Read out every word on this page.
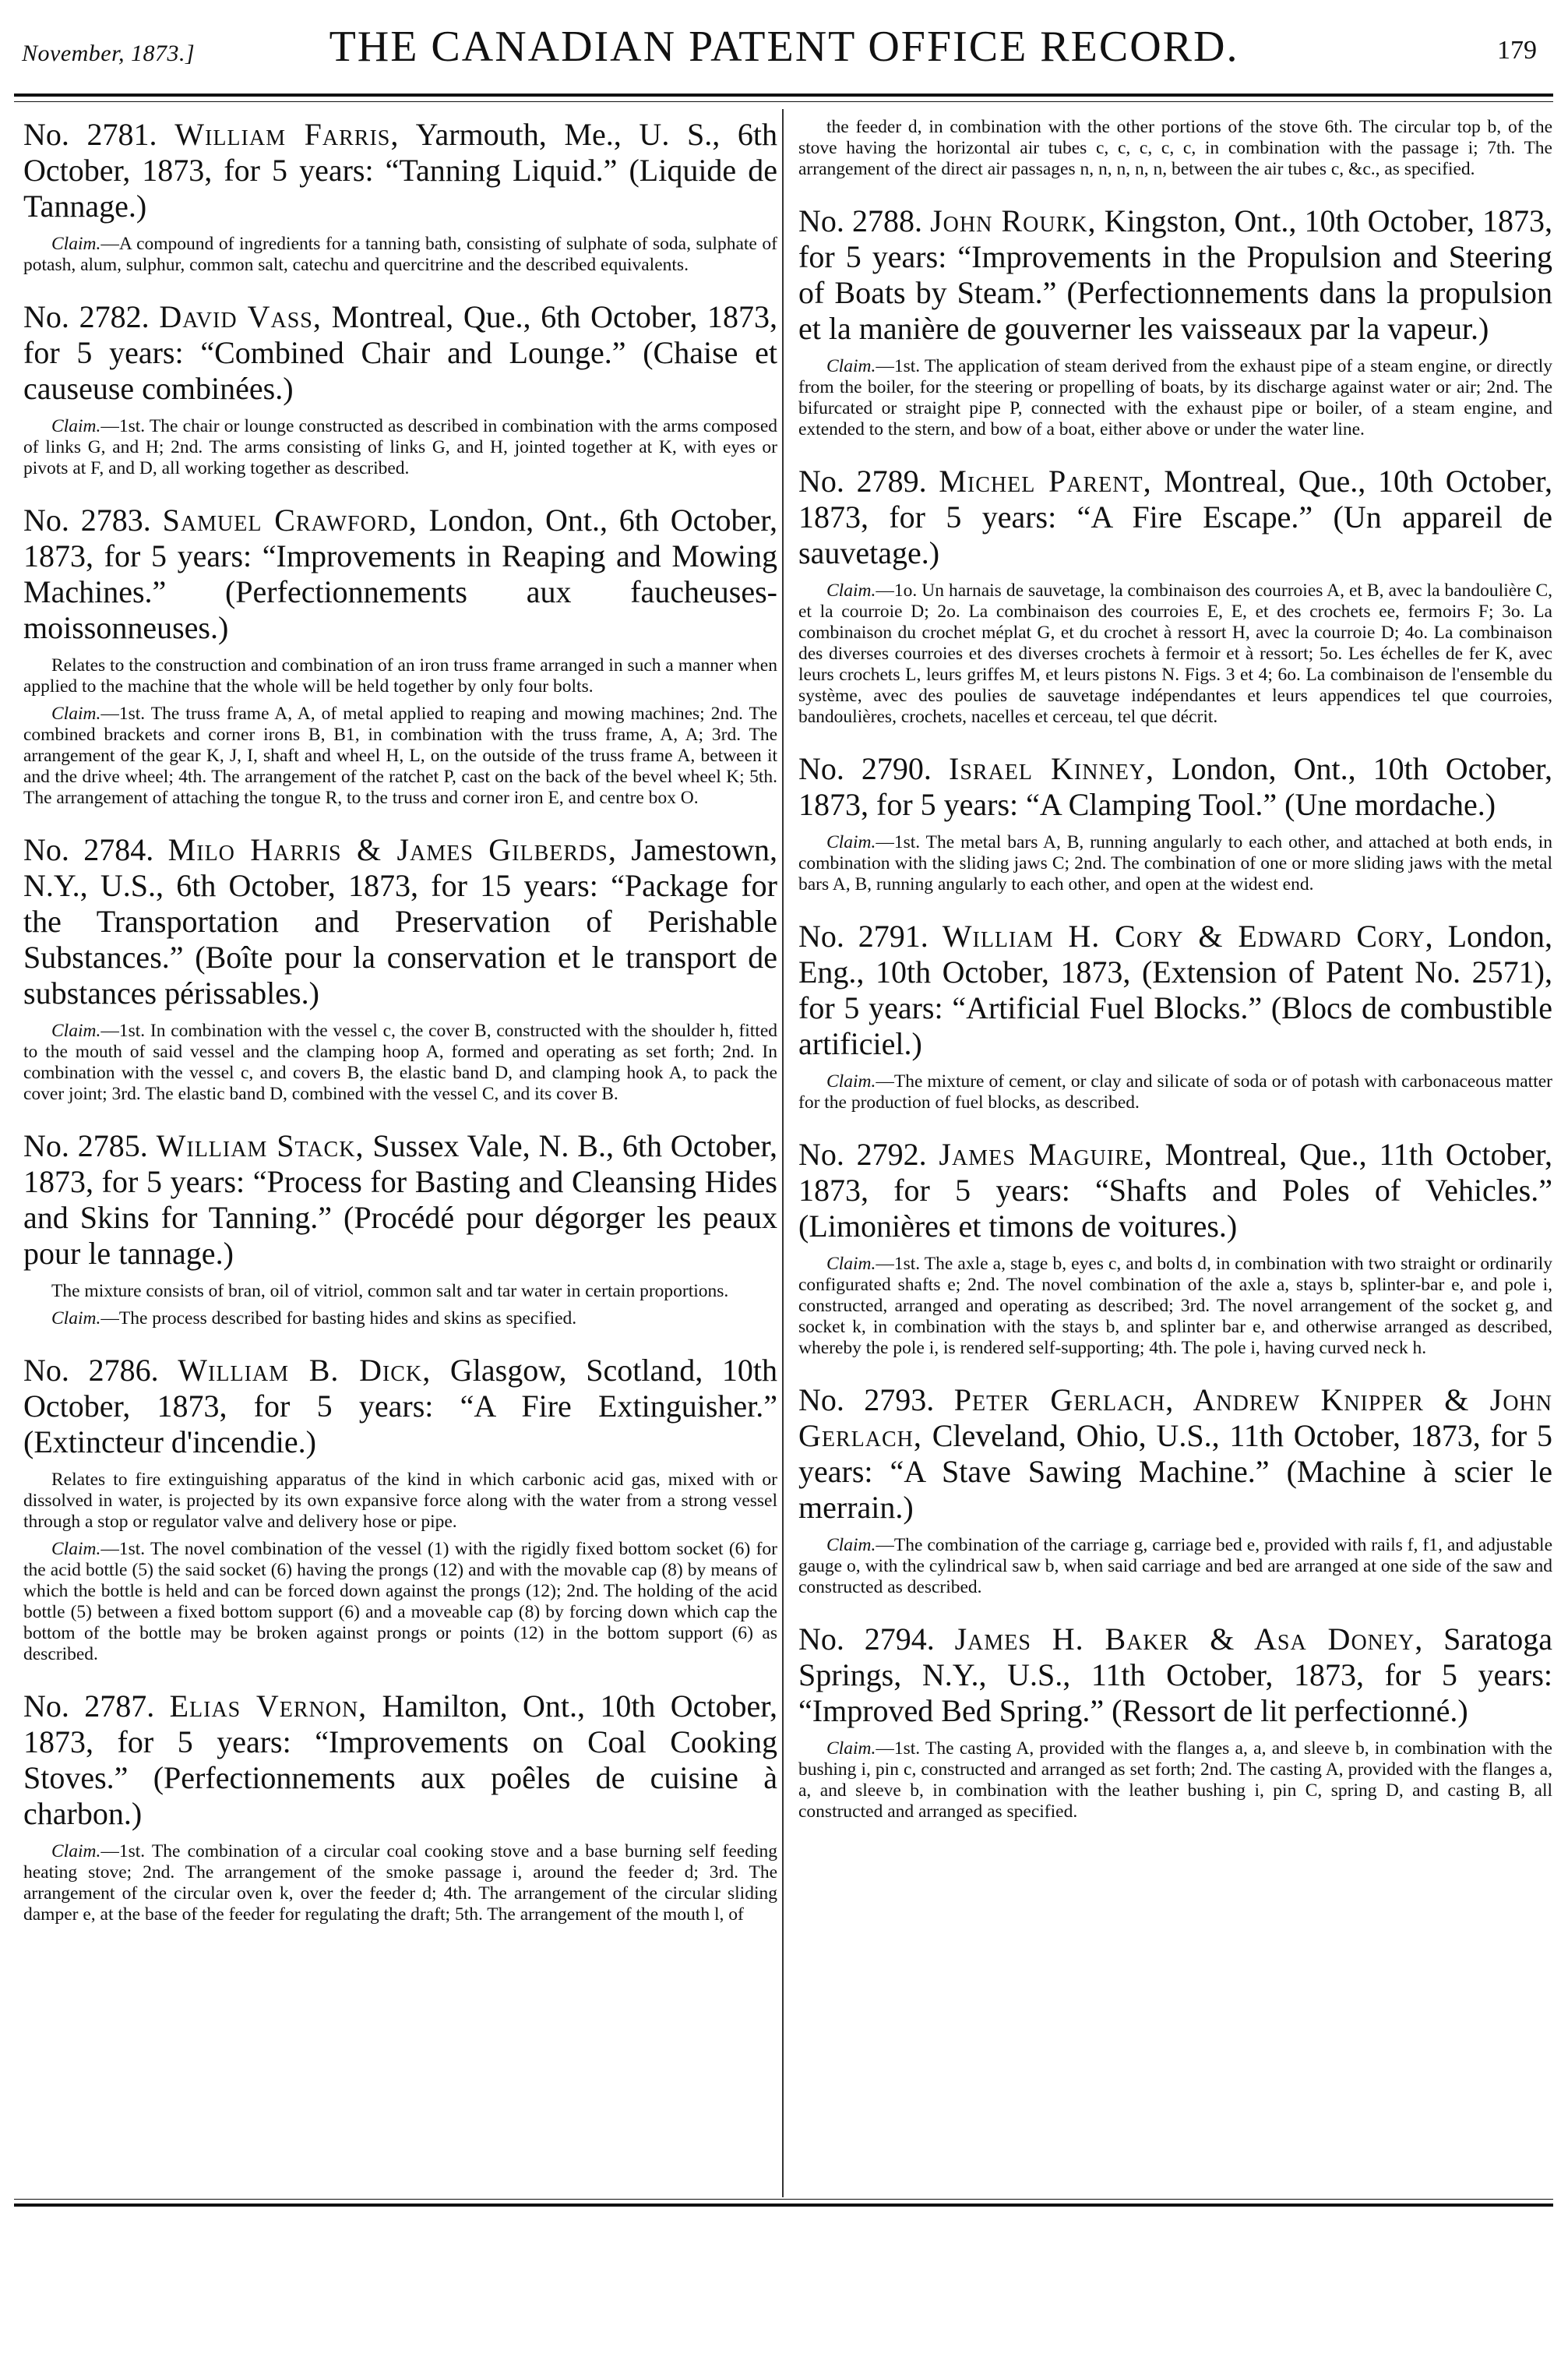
November, 1873.]	THE CANADIAN PATENT OFFICE RECORD.	179

No. 2781. William Farris, Yarmouth, Me., U. S., 6th October, 1873, for 5 years: “Tanning Liquid.” (Liquide de Tannage.)

Claim.—A compound of ingredients for a tanning bath, consisting of sulphate of soda, sulphate of potash, alum, sulphur, common salt, catechu and quercitrine and the described equivalents.

No. 2782. David Vass, Montreal, Que., 6th October, 1873, for 5 years: “Combined Chair and Lounge.” (Chaise et causeuse combinées.)

Claim.—1st. The chair or lounge constructed as described in combination with the arms composed of links G, and H; 2nd. The arms consisting of links G, and H, jointed together at K, with eyes or pivots at F, and D, all working together as described.

No. 2783. Samuel Crawford, London, Ont., 6th October, 1873, for 5 years: “Improvements in Reaping and Mowing Machines.” (Perfectionnements aux faucheuses-moissonneuses.)

Relates to the construction and combination of an iron truss frame arranged in such a manner when applied to the machine that the whole will be held together by only four bolts.

Claim.—1st. The truss frame A, A, of metal applied to reaping and mowing machines; 2nd. The combined brackets and corner irons B, B1, in combination with the truss frame, A, A; 3rd. The arrangement of the gear K, J, I, shaft and wheel H, L, on the outside of the truss frame A, between it and the drive wheel; 4th. The arrangement of the ratchet P, cast on the back of the bevel wheel K; 5th. The arrangement of attaching the tongue R, to the truss and corner iron E, and centre box O.

No. 2784. Milo Harris & James Gilberds, Jamestown, N.Y., U.S., 6th October, 1873, for 15 years: “Package for the Transportation and Preservation of Perishable Substances.” (Boîte pour la conservation et le transport de substances périssables.)

Claim.—1st. In combination with the vessel c, the cover B, constructed with the shoulder h, fitted to the mouth of said vessel and the clamping hoop A, formed and operating as set forth; 2nd. In combination with the vessel c, and covers B, the elastic band D, and clamping hook A, to pack the cover joint; 3rd. The elastic band D, combined with the vessel C, and its cover B.

No. 2785. William Stack, Sussex Vale, N. B., 6th October, 1873, for 5 years: “Process for Basting and Cleansing Hides and Skins for Tanning.” (Procédé pour dégorger les peaux pour le tannage.)

The mixture consists of bran, oil of vitriol, common salt and tar water in certain proportions.

Claim.—The process described for basting hides and skins as specified.

No. 2786. William B. Dick, Glasgow, Scotland, 10th October, 1873, for 5 years: “A Fire Extinguisher.” (Extincteur d'incendie.)

Relates to fire extinguishing apparatus of the kind in which carbonic acid gas, mixed with or dissolved in water, is projected by its own expansive force along with the water from a strong vessel through a stop or regulator valve and delivery hose or pipe.

Claim.—1st. The novel combination of the vessel (1) with the rigidly fixed bottom socket (6) for the acid bottle (5) the said socket (6) having the prongs (12) and with the movable cap (8) by means of which the bottle is held and can be forced down against the prongs (12); 2nd. The holding of the acid bottle (5) between a fixed bottom support (6) and a moveable cap (8) by forcing down which cap the bottom of the bottle may be broken against prongs or points (12) in the bottom support (6) as described.

No. 2787. Elias Vernon, Hamilton, Ont., 10th October, 1873, for 5 years: “Improvements on Coal Cooking Stoves.” (Perfectionnements aux poêles de cuisine à charbon.)

Claim.—1st. The combination of a circular coal cooking stove and a base burning self feeding heating stove; 2nd. The arrangement of the smoke passage i, around the feeder d; 3rd. The arrangement of the circular oven k, over the feeder d; 4th. The arrangement of the circular sliding damper e, at the base of the feeder for regulating the draft; 5th. The arrangement of the mouth l, of

the feeder d, in combination with the other portions of the stove 6th. The circular top b, of the stove having the horizontal air tubes c, c, c, c, c, in combination with the passage i; 7th. The arrangement of the direct air passages n, n, n, n, n, between the air tubes c, &c., as specified.

No. 2788. John Rourk, Kingston, Ont., 10th October, 1873, for 5 years: “Improvements in the Propulsion and Steering of Boats by Steam.” (Perfectionnements dans la propulsion et la manière de gouverner les vaisseaux par la vapeur.)

Claim.—1st. The application of steam derived from the exhaust pipe of a steam engine, or directly from the boiler, for the steering or propelling of boats, by its discharge against water or air; 2nd. The bifurcated or straight pipe P, connected with the exhaust pipe or boiler, of a steam engine, and extended to the stern, and bow of a boat, either above or under the water line.

No. 2789. Michel Parent, Montreal, Que., 10th October, 1873, for 5 years: “A Fire Escape.” (Un appareil de sauvetage.)

Claim.—1o. Un harnais de sauvetage, la combinaison des courroies A, et B, avec la bandoulière C, et la courroie D; 2o. La combinaison des courroies E, E, et des crochets ee, fermoirs F; 3o. La combinaison du crochet méplat G, et du crochet à ressort H, avec la courroie D; 4o. La combinaison des diverses courroies et des diverses crochets à fermoir et à ressort; 5o. Les échelles de fer K, avec leurs crochets L, leurs griffes M, et leurs pistons N. Figs. 3 et 4; 6o. La combinaison de l'ensemble du système, avec des poulies de sauvetage indépendantes et leurs appendices tel que courroies, bandoulières, crochets, nacelles et cerceau, tel que décrit.

No. 2790. Israel Kinney, London, Ont., 10th October, 1873, for 5 years: “A Clamping Tool.” (Une mordache.)

Claim.—1st. The metal bars A, B, running angularly to each other, and attached at both ends, in combination with the sliding jaws C; 2nd. The combination of one or more sliding jaws with the metal bars A, B, running angularly to each other, and open at the widest end.

No. 2791. William H. Cory & Edward Cory, London, Eng., 10th October, 1873, (Extension of Patent No. 2571), for 5 years: “Artificial Fuel Blocks.” (Blocs de combustible artificiel.)

Claim.—The mixture of cement, or clay and silicate of soda or of potash with carbonaceous matter for the production of fuel blocks, as described.

No. 2792. James Maguire, Montreal, Que., 11th October, 1873, for 5 years: “Shafts and Poles of Vehicles.” (Limonières et timons de voitures.)

Claim.—1st. The axle a, stage b, eyes c, and bolts d, in combination with two straight or ordinarily configurated shafts e; 2nd. The novel combination of the axle a, stays b, splinter-bar e, and pole i, constructed, arranged and operating as described; 3rd. The novel arrangement of the socket g, and socket k, in combination with the stays b, and splinter bar e, and otherwise arranged as described, whereby the pole i, is rendered self-supporting; 4th. The pole i, having curved neck h.

No. 2793. Peter Gerlach, Andrew Knipper & John Gerlach, Cleveland, Ohio, U.S., 11th October, 1873, for 5 years: “A Stave Sawing Machine.” (Machine à scier le merrain.)

Claim.—The combination of the carriage g, carriage bed e, provided with rails f, f1, and adjustable gauge o, with the cylindrical saw b, when said carriage and bed are arranged at one side of the saw and constructed as described.

No. 2794. James H. Baker & Asa Doney, Saratoga Springs, N.Y., U.S., 11th October, 1873, for 5 years: “Improved Bed Spring.” (Ressort de lit perfectionné.)

Claim.—1st. The casting A, provided with the flanges a, a, and sleeve b, in combination with the bushing i, pin c, constructed and arranged as set forth; 2nd. The casting A, provided with the flanges a, a, and sleeve b, in combination with the leather bushing i, pin C, spring D, and casting B, all constructed and arranged as specified.
